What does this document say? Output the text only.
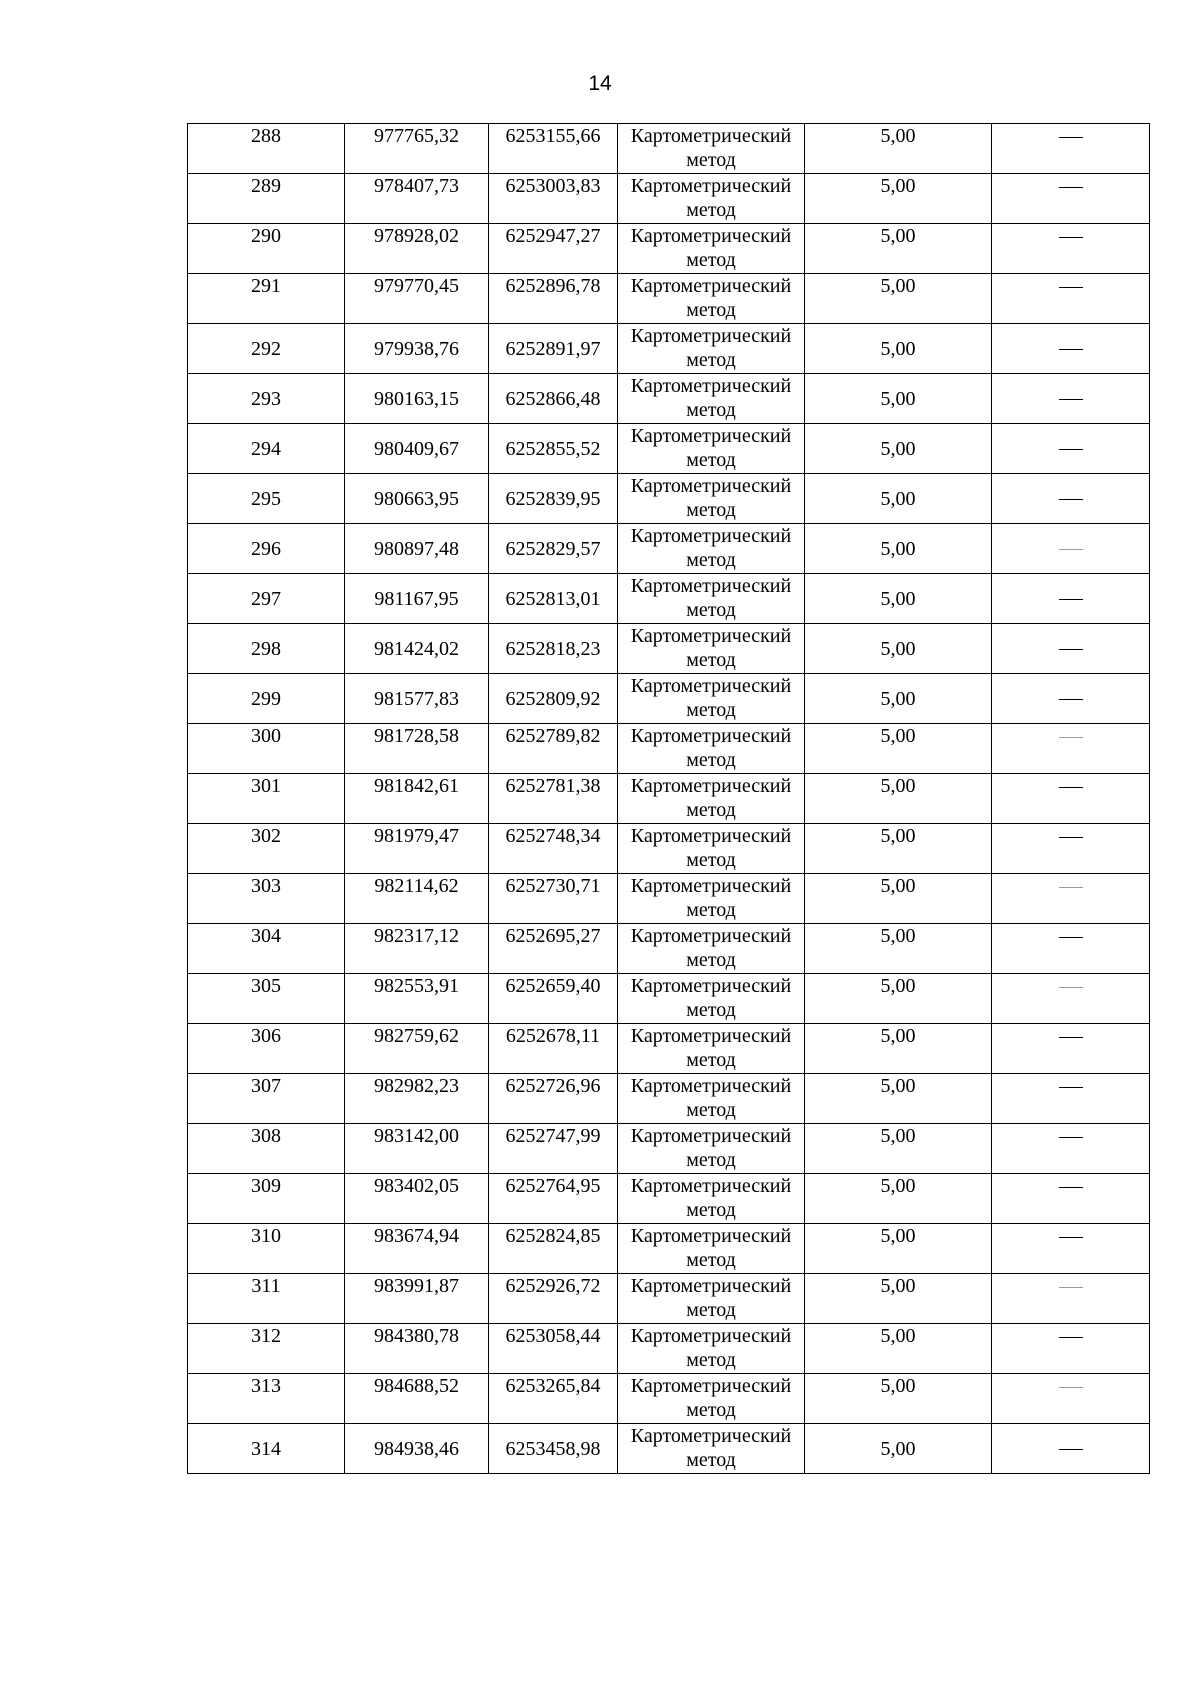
14
288	977765,32	6253155,66	Картометрический метод	5,00	
289	978407,73	6253003,83	Картометрический метод	5,00	
290	978928,02	6252947,27	Картометрический метод	5,00	
291	979770,45	6252896,78	Картометрический метод	5,00	
292	979938,76	6252891,97	Картометрический метод	5,00	
293	980163,15	6252866,48	Картометрический метод	5,00	
294	980409,67	6252855,52	Картометрический метод	5,00	
295	980663,95	6252839,95	Картометрический метод	5,00	
296	980897,48	6252829,57	Картометрический метод	5,00	
297	981167,95	6252813,01	Картометрический метод	5,00	
298	981424,02	6252818,23	Картометрический метод	5,00	
299	981577,83	6252809,92	Картометрический метод	5,00	
300	981728,58	6252789,82	Картометрический метод	5,00	
301	981842,61	6252781,38	Картометрический метод	5,00	
302	981979,47	6252748,34	Картометрический метод	5,00	
303	982114,62	6252730,71	Картометрический метод	5,00	
304	982317,12	6252695,27	Картометрический метод	5,00	
305	982553,91	6252659,40	Картометрический метод	5,00	
306	982759,62	6252678,11	Картометрический метод	5,00	
307	982982,23	6252726,96	Картометрический метод	5,00	
308	983142,00	6252747,99	Картометрический метод	5,00	
309	983402,05	6252764,95	Картометрический метод	5,00	
310	983674,94	6252824,85	Картометрический метод	5,00	
311	983991,87	6252926,72	Картометрический метод	5,00	
312	984380,78	6253058,44	Картометрический метод	5,00	
313	984688,52	6253265,84	Картометрический метод	5,00	
314	984938,46	6253458,98	Картометрический метод	5,00	
